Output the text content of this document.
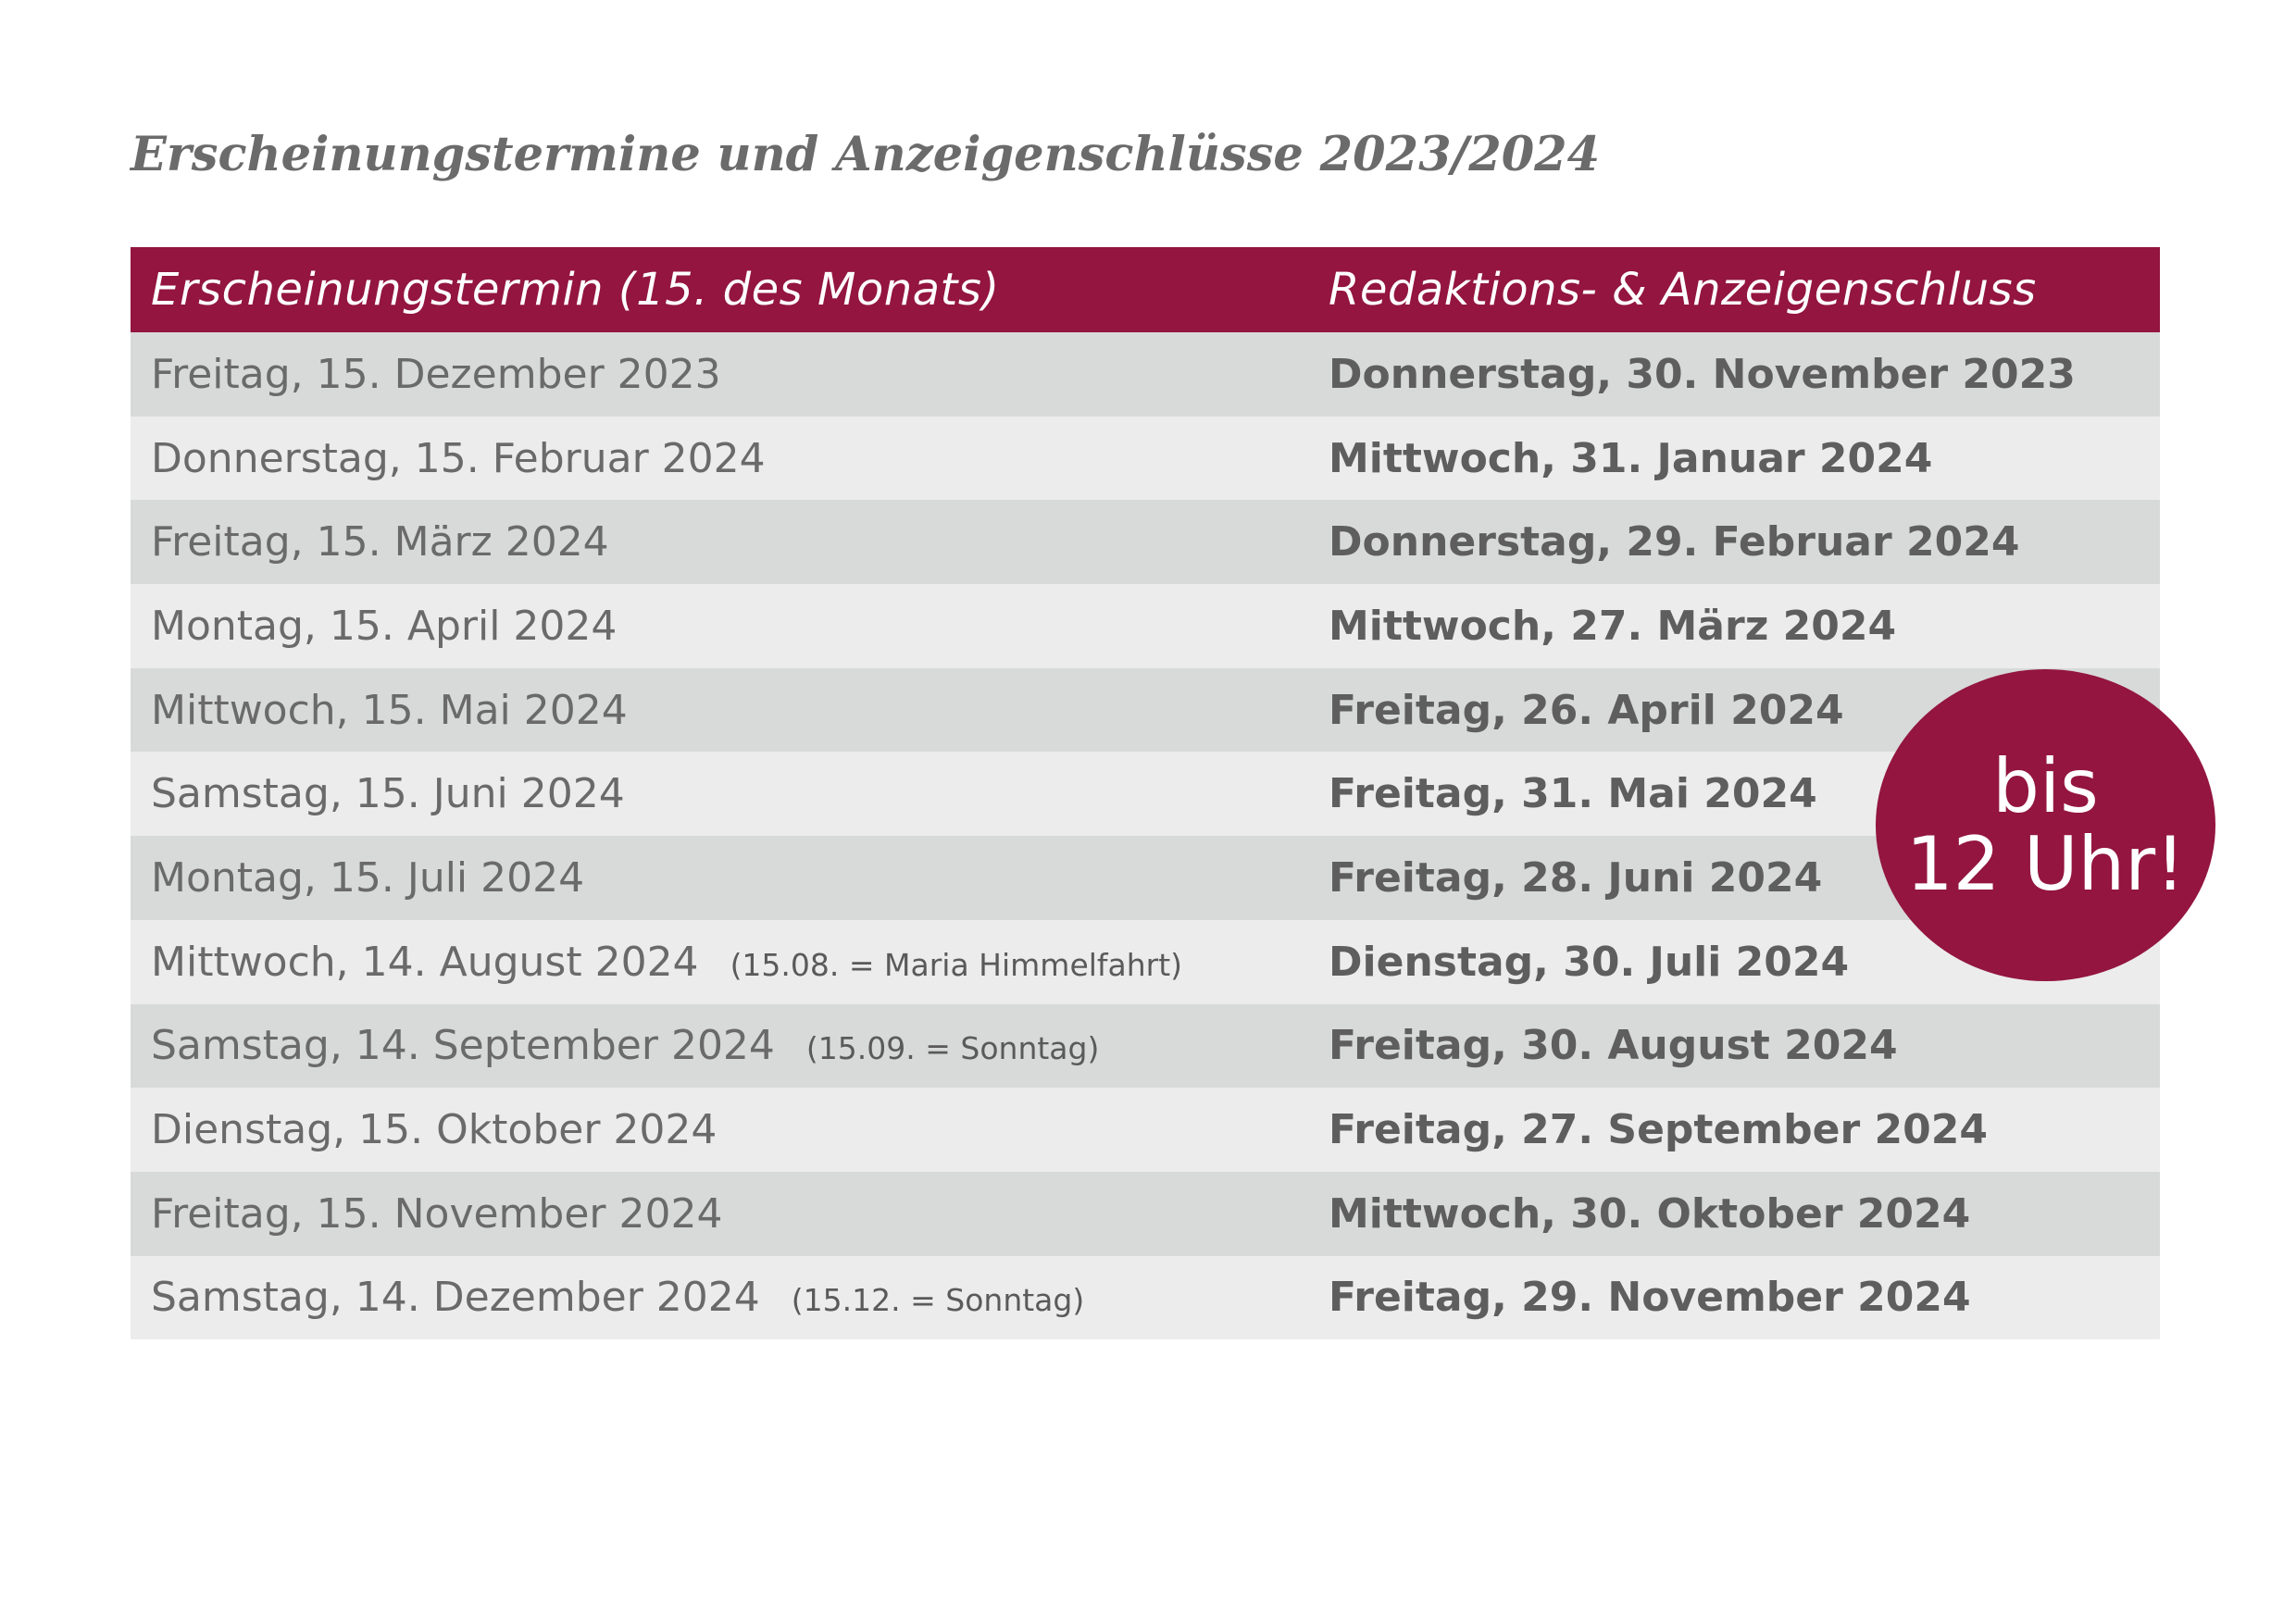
Erscheinungstermine und Anzeigenschlüsse 2023/2024
Erscheinungstermin (15. des Monats)	Redaktions- & Anzeigenschluss
Freitag, 15. Dezember 2023	Donnerstag, 30. November 2023
Donnerstag, 15. Februar 2024	Mittwoch, 31. Januar 2024
Freitag, 15. März 2024	Donnerstag, 29. Februar 2024
Montag, 15. April 2024	Mittwoch, 27. März 2024
Mittwoch, 15. Mai 2024	Freitag, 26. April 2024
Samstag, 15. Juni 2024	Freitag, 31. Mai 2024
Montag, 15. Juli 2024	Freitag, 28. Juni 2024
Mittwoch, 14. August 2024 (15.08. = Maria Himmelfahrt)	Dienstag, 30. Juli 2024
Samstag, 14. September 2024 (15.09. = Sonntag)	Freitag, 30. August 2024
Dienstag, 15. Oktober 2024	Freitag, 27. September 2024
Freitag, 15. November 2024	Mittwoch, 30. Oktober 2024
Samstag, 14. Dezember 2024 (15.12. = Sonntag)	Freitag, 29. November 2024
bis
12 Uhr!
